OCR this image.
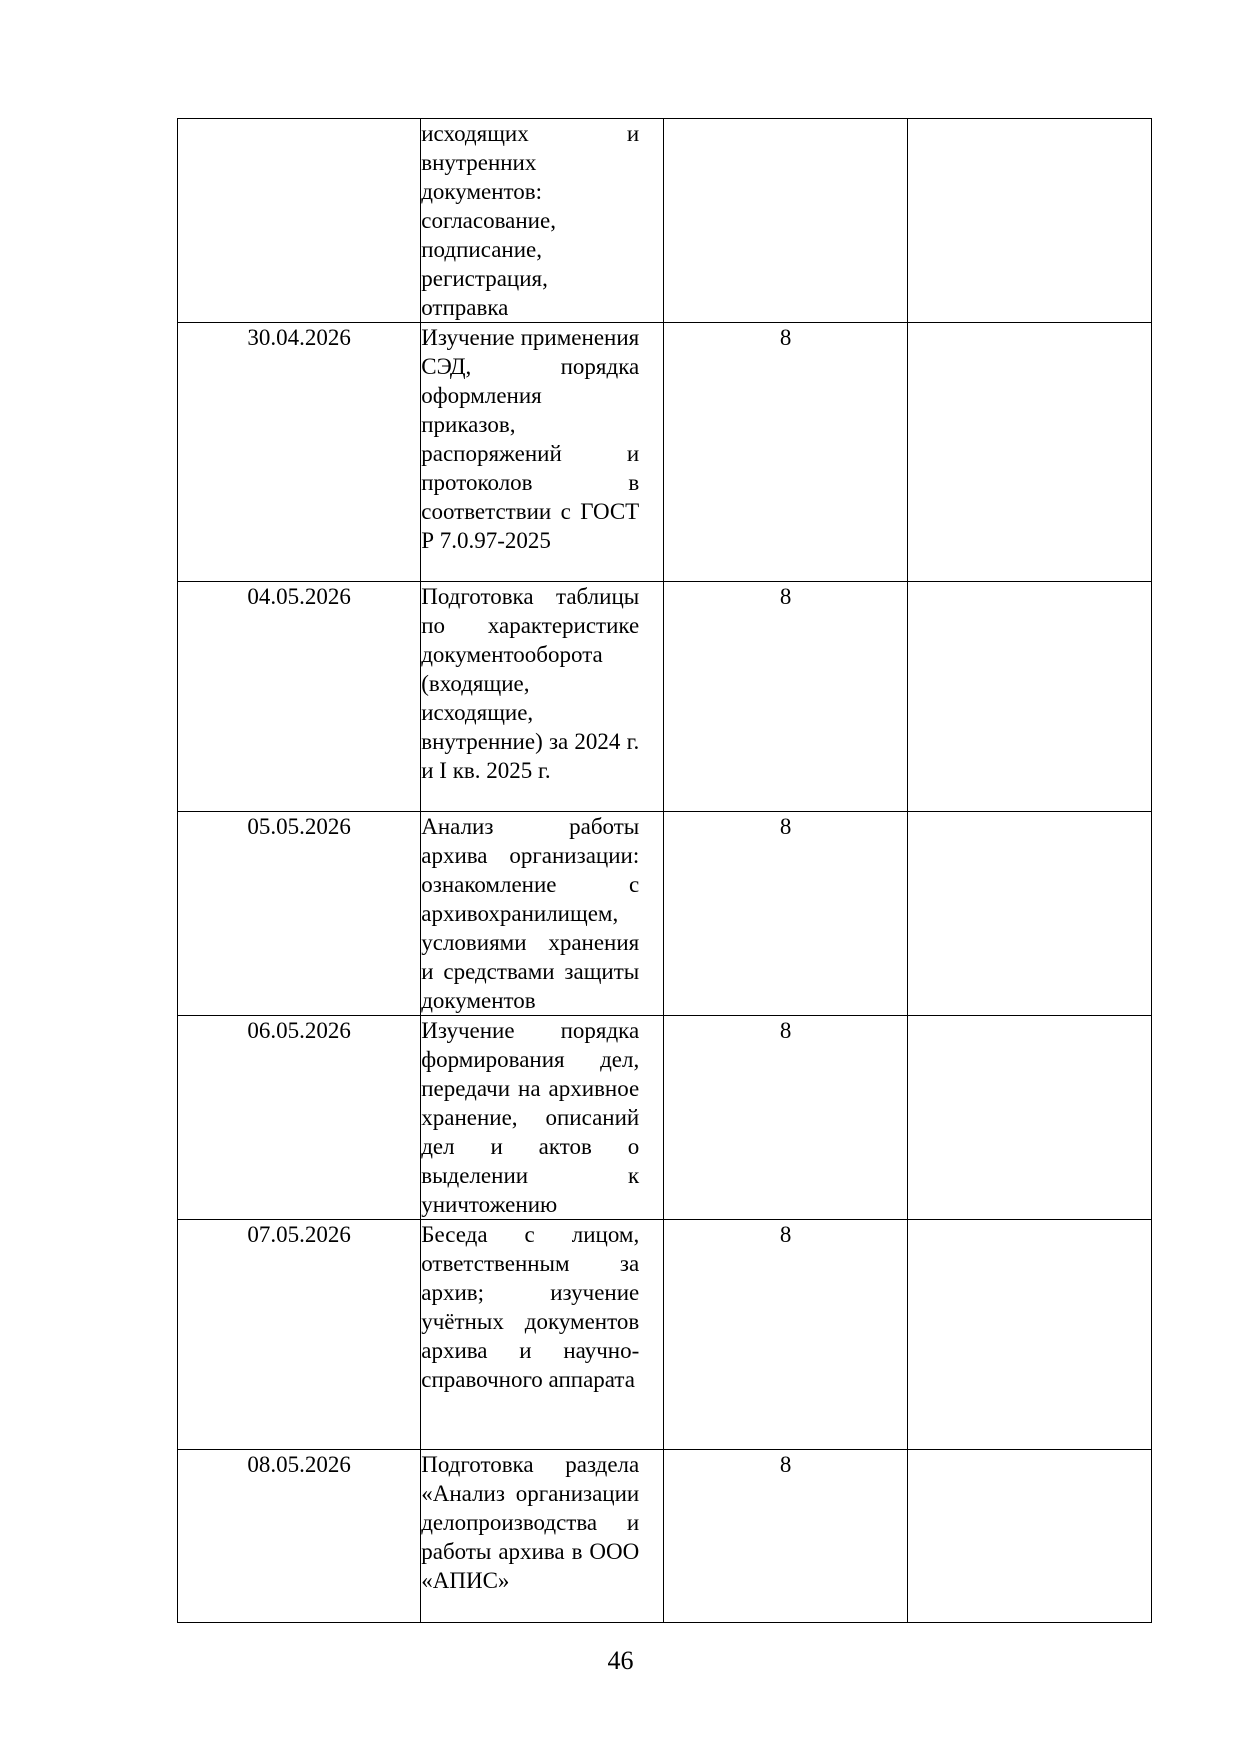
	исходящих и внутренних документов: согласование, подписание, регистрация, отправка		

30.04.2026	Изучение применения СЭД, порядка оформления приказов, распоряжений и протоколов в соответствии с ГОСТ Р 7.0.97-2025	8	
04.05.2026	Подготовка таблицы по характеристике документооборота (входящие, исходящие, внутренние) за 2024 г. и I кв. 2025 г.	8	
05.05.2026	Анализ работы архива организации: ознакомление с архивохранилищем, условиями хранения и средствами защиты документов	8	
06.05.2026	Изучение порядка формирования дел, передачи на архивное хранение, описаний дел и актов о выделении к уничтожению	8	
07.05.2026	Беседа с лицом, ответственным за архив; изучение учётных документов архива и научно-справочного аппарата	8	
08.05.2026	Подготовка раздела «Анализ организации делопроизводства и работы архива в ООО «АПИС»	8	
46
